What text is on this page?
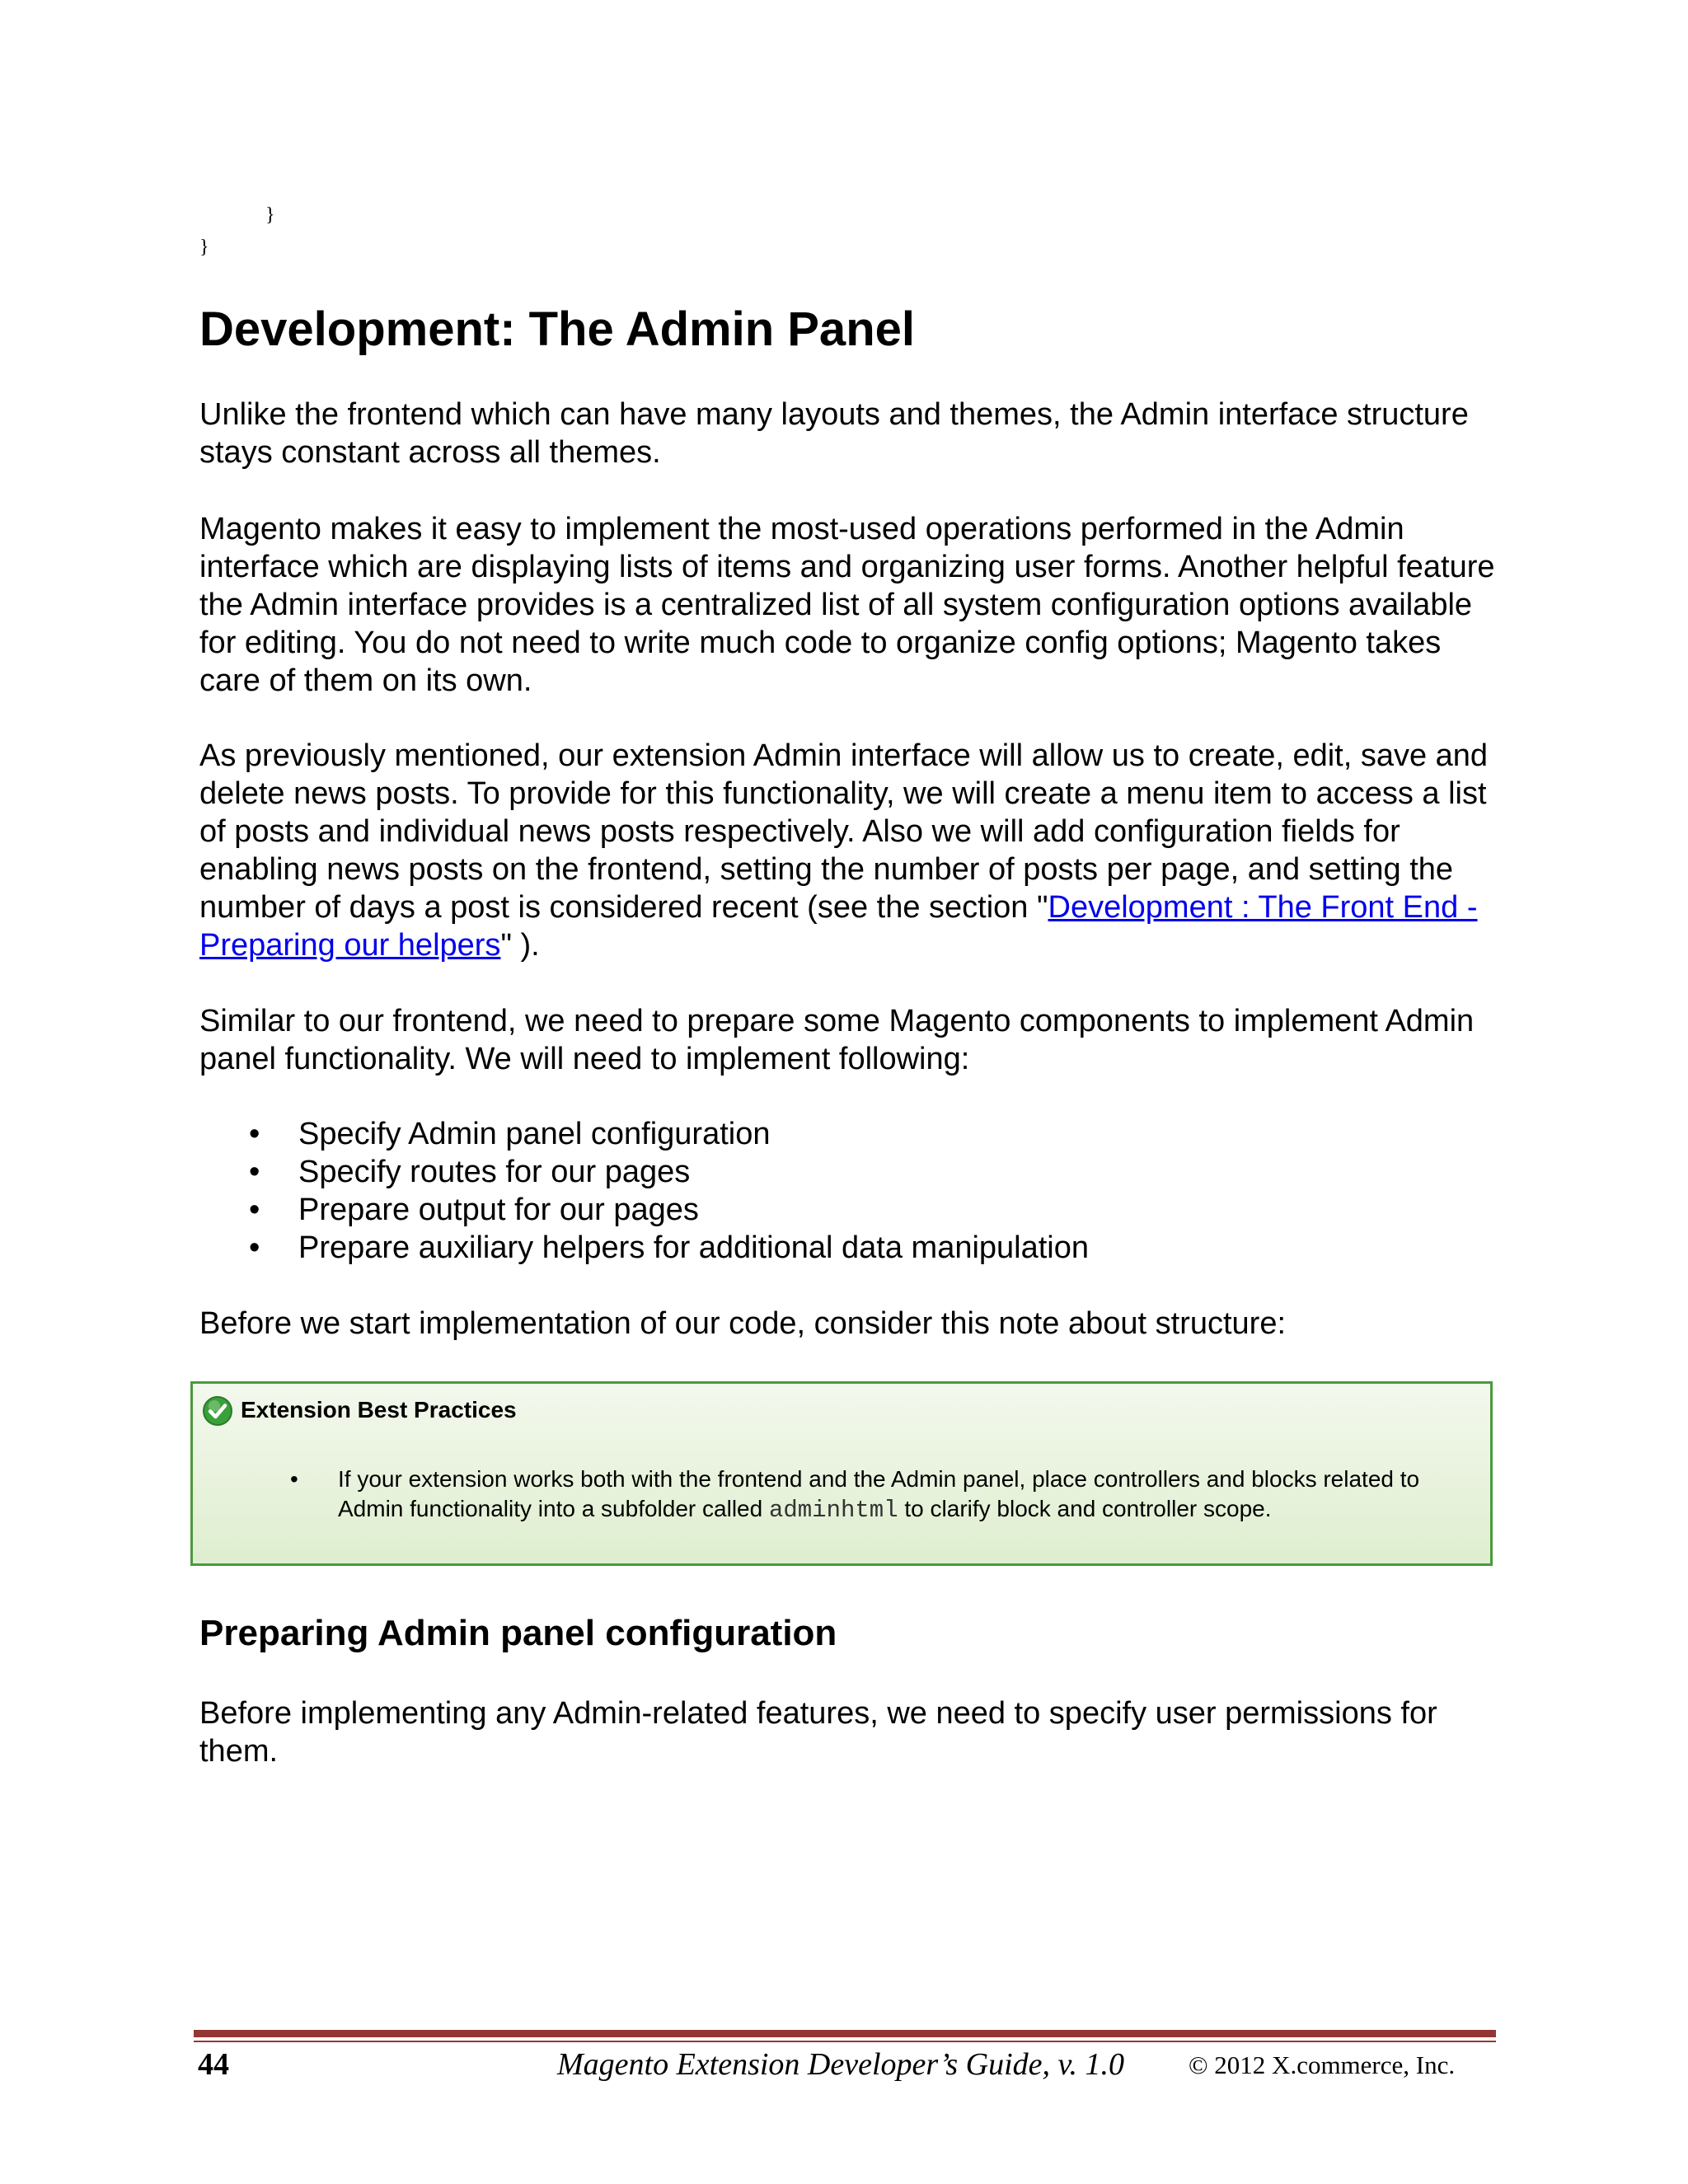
}
}
Development: The Admin Panel

Unlike the frontend which can have many layouts and themes, the Admin interface structure stays constant across all themes.

Magento makes it easy to implement the most-used operations performed in the Admin interface which are displaying lists of items and organizing user forms. Another helpful feature the Admin interface provides is a centralized list of all system configuration options available for editing. You do not need to write much code to organize config options; Magento takes care of them on its own.

As previously mentioned, our extension Admin interface will allow us to create, edit, save and delete news posts. To provide for this functionality, we will create a menu item to access a list of posts and individual news posts respectively. Also we will add configuration fields for enabling news posts on the frontend, setting the number of posts per page, and setting the number of days a post is considered recent (see the section "Development : The Front End - Preparing our helpers" ).

Similar to our frontend, we need to prepare some Magento components to implement Admin panel functionality. We will need to implement following:

• Specify Admin panel configuration
• Specify routes for our pages
• Prepare output for our pages
• Prepare auxiliary helpers for additional data manipulation

Before we start implementation of our code, consider this note about structure:

Extension Best Practices
• If your extension works both with the frontend and the Admin panel, place controllers and blocks related to Admin functionality into a subfolder called adminhtml to clarify block and controller scope.
Preparing Admin panel configuration

Before implementing any Admin-related features, we need to specify user permissions for them.

44	Magento Extension Developer’s Guide, v. 1.0	© 2012 X.commerce, Inc.
